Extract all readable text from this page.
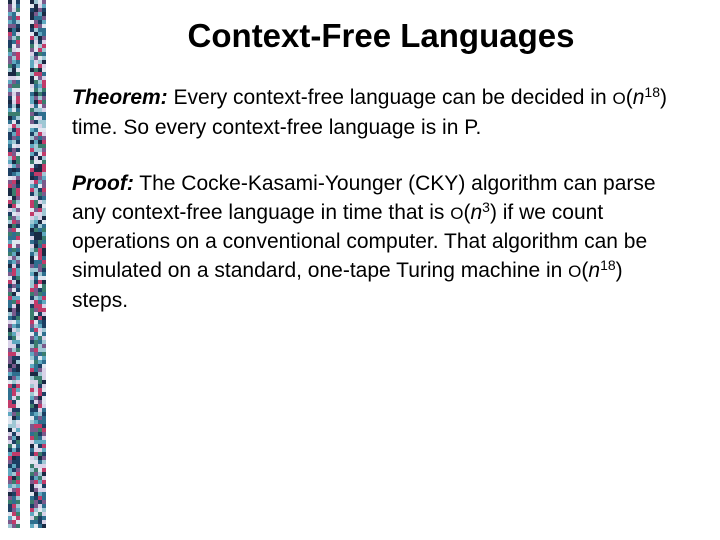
Context-Free Languages

Theorem: Every context-free language can be decided in $O(n^{18})$ time. So every context-free language is in P.

Proof: The Cocke-Kasami-Younger (CKY) algorithm can parse any context-free language in time that is $O(n^3)$ if we count operations on a conventional computer. That algorithm can be simulated on a standard, one-tape Turing machine in $O(n^{18})$ steps.
